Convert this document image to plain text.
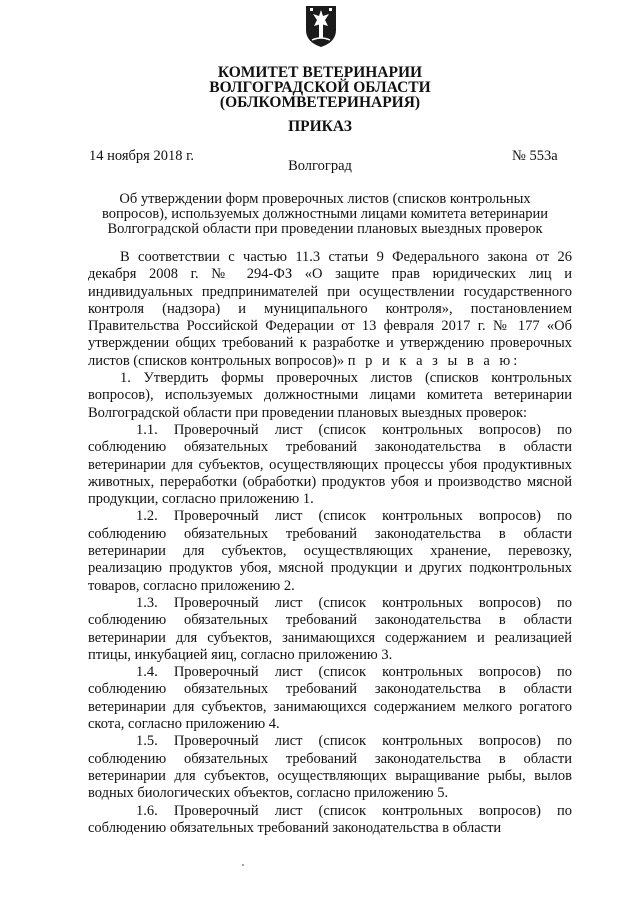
КОМИТЕТ ВЕТЕРИНАРИИ
ВОЛГОГРАДСКОЙ ОБЛАСТИ
(ОБЛКОМВЕТЕРИНАРИЯ)
ПРИКАЗ
14 ноября 2018 г.	№ 553а
Волгоград
Об утверждении форм проверочных листов (списков контрольных вопросов), используемых должностными лицами комитета ветеринарии Волгоградской области при проведении плановых выездных проверок

В соответствии с частью 11.3 статьи 9 Федерального закона от 26 декабря 2008 г. № 294-ФЗ «О защите прав юридических лиц и индивидуальных предпринимателей при осуществлении государственного контроля (надзора) и муниципального контроля», постановлением Правительства Российской Федерации от 13 февраля 2017 г. № 177 «Об утверждении общих требований к разработке и утверждению проверочных листов (списков контрольных вопросов)» п р и к а з ы в а ю:

1. Утвердить формы проверочных листов (списков контрольных вопросов), используемых должностными лицами комитета ветеринарии Волгоградской области при проведении плановых выездных проверок:

1.1. Проверочный лист (список контрольных вопросов) по соблюдению обязательных требований законодательства в области ветеринарии для субъектов, осуществляющих процессы убоя продуктивных животных, переработки (обработки) продуктов убоя и производство мясной продукции, согласно приложению 1.

1.2. Проверочный лист (список контрольных вопросов) по соблюдению обязательных требований законодательства в области ветеринарии для субъектов, осуществляющих хранение, перевозку, реализацию продуктов убоя, мясной продукции и других подконтрольных товаров, согласно приложению 2.

1.3. Проверочный лист (список контрольных вопросов) по соблюдению обязательных требований законодательства в области ветеринарии для субъектов, занимающихся содержанием и реализацией птицы, инкубацией яиц, согласно приложению 3.

1.4. Проверочный лист (список контрольных вопросов) по соблюдению обязательных требований законодательства в области ветеринарии для субъектов, занимающихся содержанием мелкого рогатого скота, согласно приложению 4.

1.5. Проверочный лист (список контрольных вопросов) по соблюдению обязательных требований законодательства в области ветеринарии для субъектов, осуществляющих выращивание рыбы, вылов водных биологических объектов, согласно приложению 5.

1.6. Проверочный лист (список контрольных вопросов) по соблюдению обязательных требований законодательства в области
